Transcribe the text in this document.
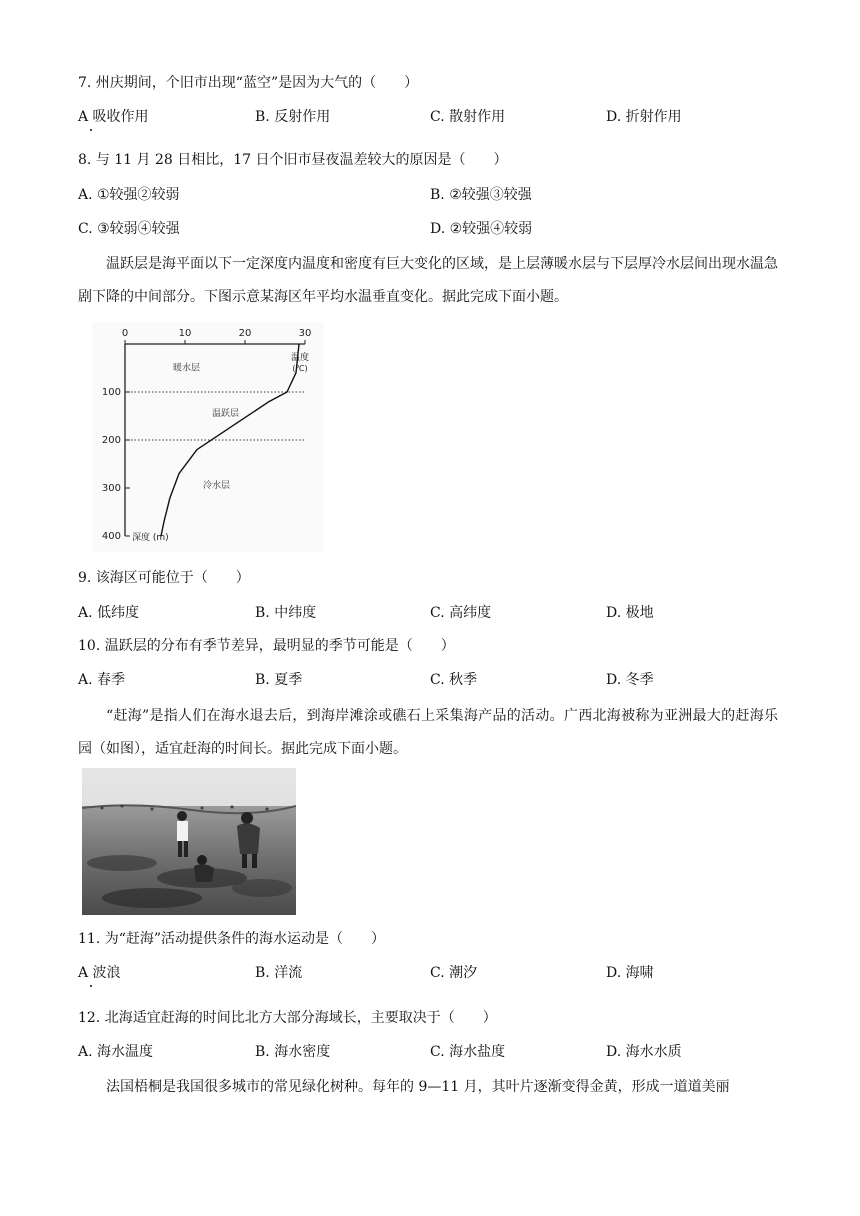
7. 州庆期间，个旧市出现“蓝空”是因为大气的（　　）
A 吸收作用	B. 反射作用	C. 散射作用	D. 折射作用
8. 与 11 月 28 日相比，17 日个旧市昼夜温差较大的原因是（　　）
A. ①较强②较弱	B. ②较强③较强
C. ③较弱④较强	D. ②较强④较弱
温跃层是海平面以下一定深度内温度和密度有巨大变化的区域，是上层薄暖水层与下层厚冷水层间出现水温急剧下降的中间部分。下图示意某海区年平均水温垂直变化。据此完成下面小题。
0	10	20	30
100
200
300
400 深度 (m)
温度
(℃)
暖水层
温跃层
冷水层
9. 该海区可能位于（　　）
A. 低纬度	B. 中纬度	C. 高纬度	D. 极地
10. 温跃层的分布有季节差异，最明显的季节可能是（　　）
A. 春季	B. 夏季	C. 秋季	D. 冬季
“赶海”是指人们在海水退去后，到海岸滩涂或礁石上采集海产品的活动。广西北海被称为亚洲最大的赶海乐园（如图），适宜赶海的时间长。据此完成下面小题。
11. 为“赶海”活动提供条件的海水运动是（　　）
A 波浪	B. 洋流	C. 潮汐	D. 海啸
12. 北海适宜赶海的时间比北方大部分海域长，主要取决于（　　）
A. 海水温度	B. 海水密度	C. 海水盐度	D. 海水水质
法国梧桐是我国很多城市的常见绿化树种。每年的 9—11 月，其叶片逐渐变得金黄，形成一道道美丽
